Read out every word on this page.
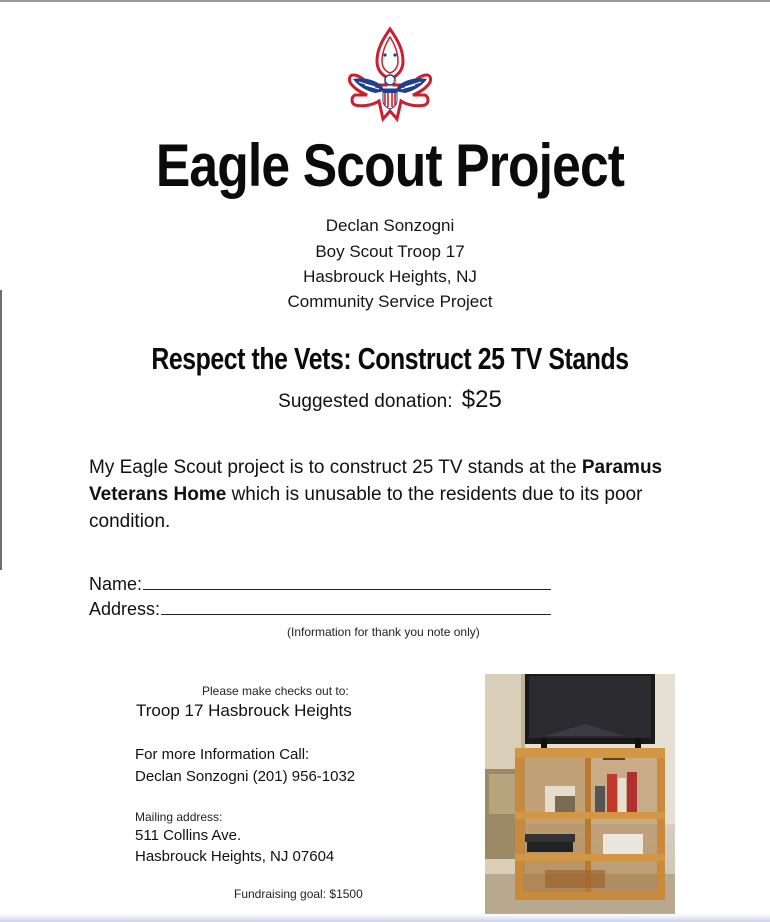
Eagle Scout Project
Declan Sonzogni
Boy Scout Troop 17
Hasbrouck Heights, NJ
Community Service Project
Respect the Vets: Construct 25 TV Stands
Suggested donation: $25
My Eagle Scout project is to construct 25 TV stands at the Paramus Veterans Home which is unusable to the residents due to its poor condition.
Name:
Address:
(Information for thank you note only)
Please make checks out to:
Troop 17 Hasbrouck Heights
For more Information Call:
Declan Sonzogni (201) 956-1032
Mailing address:
511 Collins Ave.
Hasbrouck Heights, NJ 07604
Fundraising goal: $1500
